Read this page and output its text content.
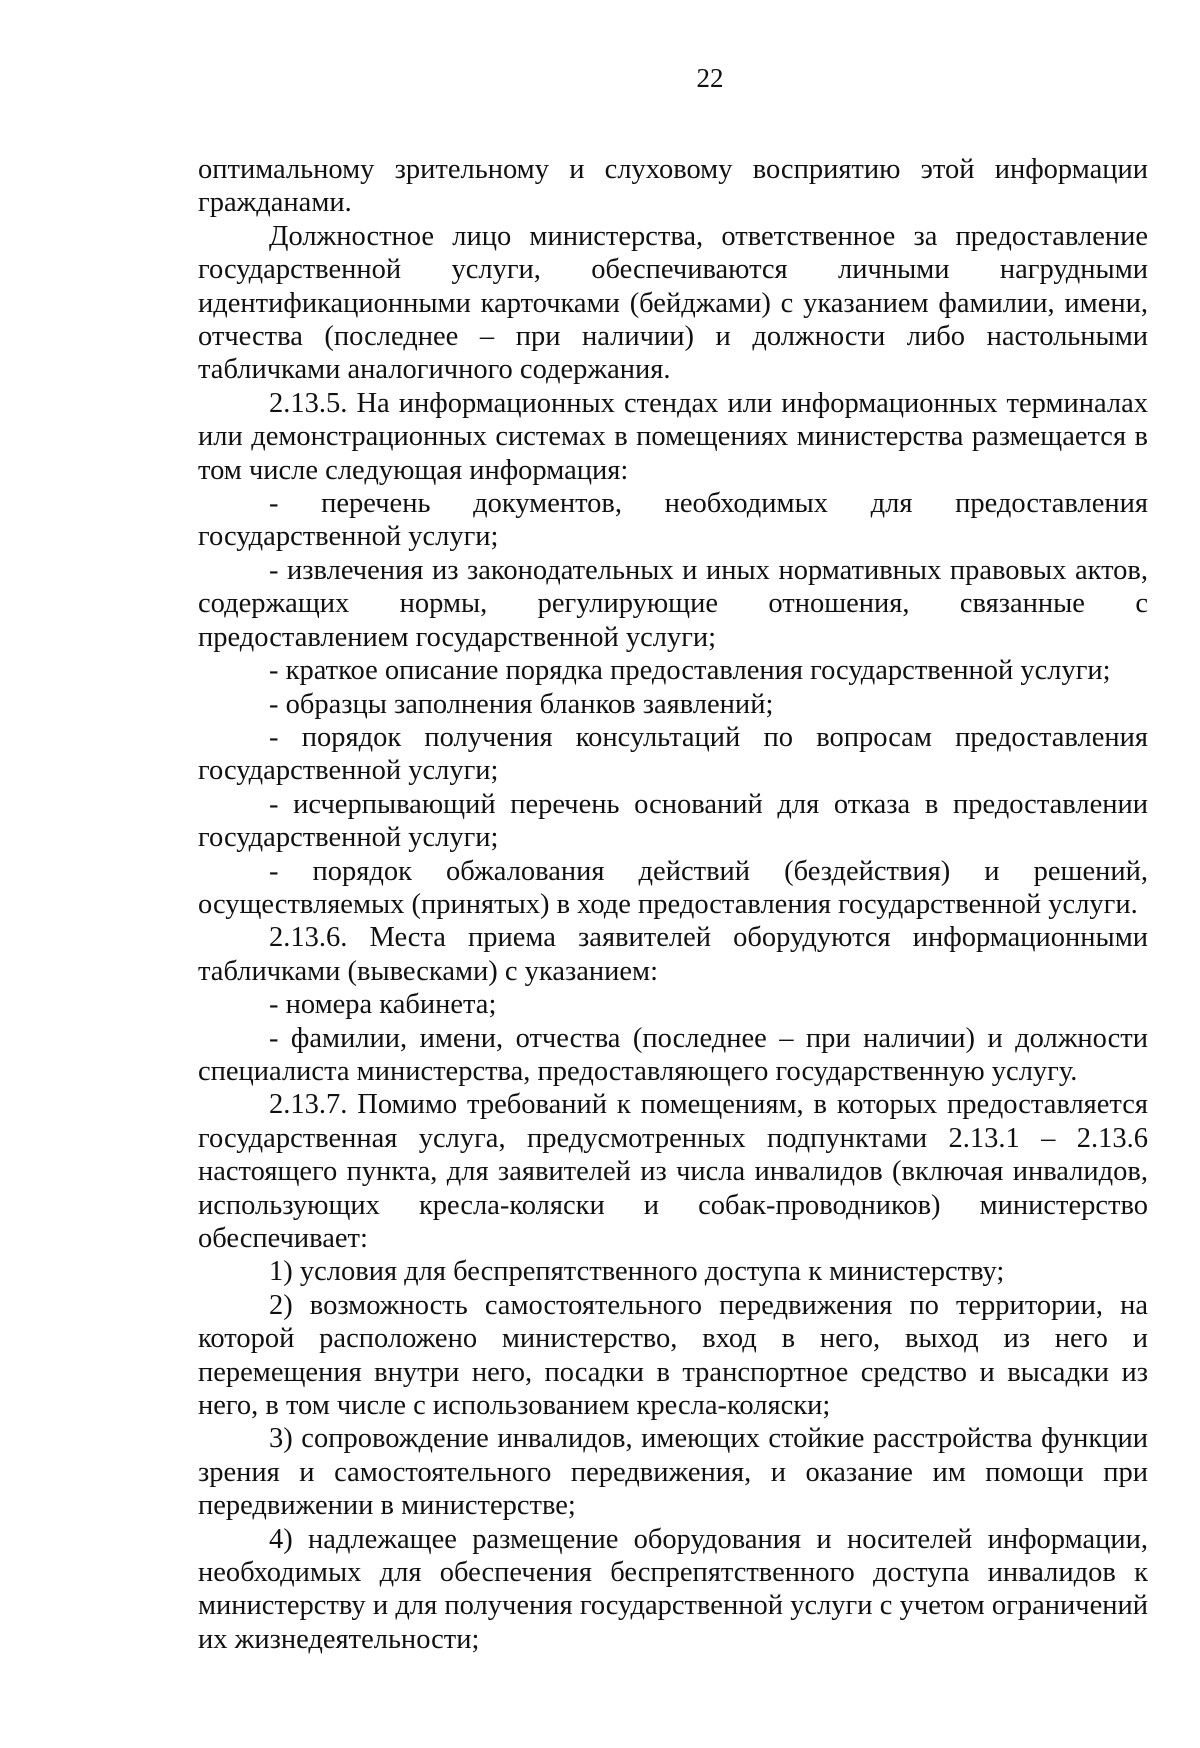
22

оптимальному зрительному и слуховому восприятию этой информации гражданами.

Должностное лицо министерства, ответственное за предоставление государственной услуги, обеспечиваются личными нагрудными идентификационными карточками (бейджами) с указанием фамилии, имени, отчества (последнее – при наличии) и должности либо настольными табличками аналогичного содержания.

2.13.5. На информационных стендах или информационных терминалах или демонстрационных системах в помещениях министерства размещается в том числе следующая информация:

- перечень документов, необходимых для предоставления государственной услуги;

- извлечения из законодательных и иных нормативных правовых актов, содержащих нормы, регулирующие отношения, связанные с предоставлением государственной услуги;

- краткое описание порядка предоставления государственной услуги;

- образцы заполнения бланков заявлений;

- порядок получения консультаций по вопросам предоставления государственной услуги;

- исчерпывающий перечень оснований для отказа в предоставлении государственной услуги;

- порядок обжалования действий (бездействия) и решений, осуществляемых (принятых) в ходе предоставления государственной услуги.

2.13.6. Места приема заявителей оборудуются информационными табличками (вывесками) с указанием:

- номера кабинета;

- фамилии, имени, отчества (последнее – при наличии) и должности специалиста министерства, предоставляющего государственную услугу.

2.13.7. Помимо требований к помещениям, в которых предоставляется государственная услуга, предусмотренных подпунктами 2.13.1 – 2.13.6 настоящего пункта, для заявителей из числа инвалидов (включая инвалидов, использующих кресла-коляски и собак-проводников) министерство обеспечивает:

1) условия для беспрепятственного доступа к министерству;

2) возможность самостоятельного передвижения по территории, на которой расположено министерство, вход в него, выход из него и перемещения внутри него, посадки в транспортное средство и высадки из него, в том числе с использованием кресла-коляски;

3) сопровождение инвалидов, имеющих стойкие расстройства функции зрения и самостоятельного передвижения, и оказание им помощи при передвижении в министерстве;

4) надлежащее размещение оборудования и носителей информации, необходимых для обеспечения беспрепятственного доступа инвалидов к министерству и для получения государственной услуги с учетом ограничений их жизнедеятельности;
